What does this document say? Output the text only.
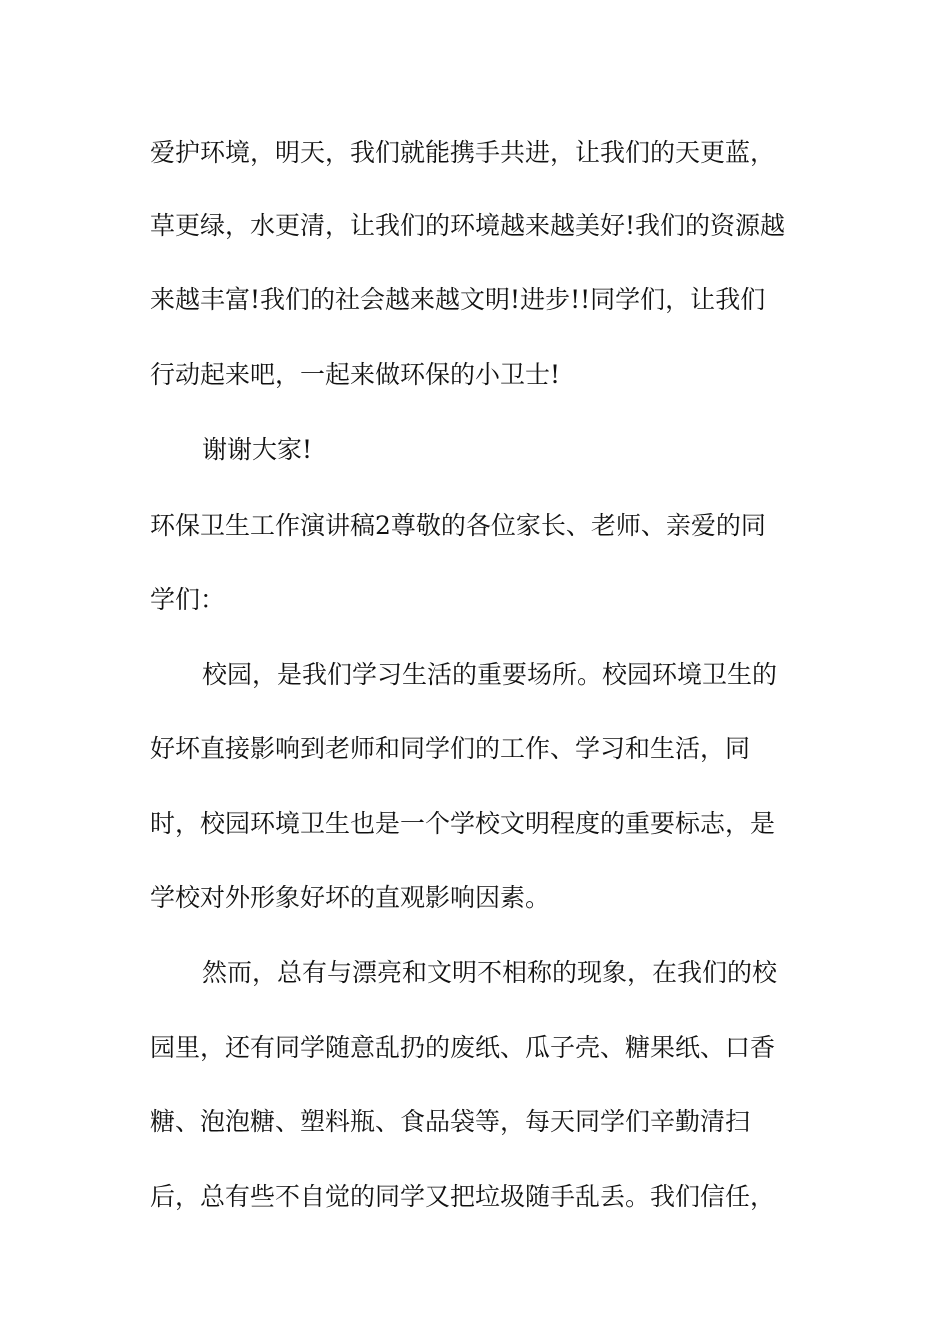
爱护环境，明天，我们就能携手共进，让我们的天更蓝，
草更绿，水更清，让我们的环境越来越美好!我们的资源越
来越丰富!我们的社会越来越文明!进步!!同学们，让我们
行动起来吧，一起来做环保的小卫士!
谢谢大家!
环保卫生工作演讲稿2尊敬的各位家长、老师、亲爱的同
学们：
校园，是我们学习生活的重要场所。校园环境卫生的
好坏直接影响到老师和同学们的工作、学习和生活，同
时，校园环境卫生也是一个学校文明程度的重要标志，是
学校对外形象好坏的直观影响因素。
然而，总有与漂亮和文明不相称的现象，在我们的校
园里，还有同学随意乱扔的废纸、瓜子壳、糖果纸、口香
糖、泡泡糖、塑料瓶、食品袋等，每天同学们辛勤清扫
后，总有些不自觉的同学又把垃圾随手乱丢。我们信任，
